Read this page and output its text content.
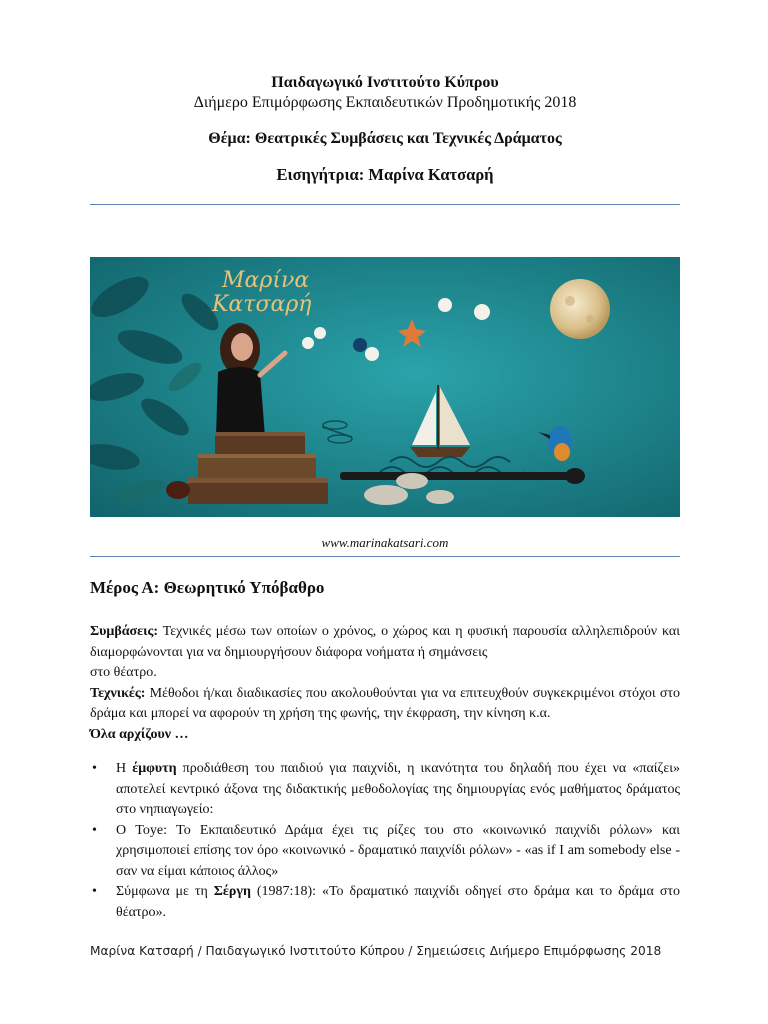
Παιδαγωγικό Ινστιτούτο Κύπρου
Διήμερο Επιμόρφωσης Εκπαιδευτικών Προδημοτικής 2018
Θέμα: Θεατρικές Συμβάσεις και Τεχνικές Δράματος
Εισηγήτρια: Μαρίνα Κατσαρή
Μαρίνα Κατσαρή
www.marinakatsari.com
Μέρος Α: Θεωρητικό Υπόβαθρο

Συμβάσεις: Τεχνικές μέσω των οποίων ο χρόνος, ο χώρος και η φυσική παρουσία αλληλεπιδρούν και διαμορφώνονται για να δημιουργήσουν διάφορα νοήματα ή σημάνσεις
στο θέατρο.

Τεχνικές: Μέθοδοι ή/και διαδικασίες που ακολουθούνται για να επιτευχθούν συγκεκριμένοι στόχοι στο δράμα και μπορεί να αφορούν τη χρήση της φωνής, την έκφραση, την κίνηση κ.α.

Όλα αρχίζουν …

• Η έμφυτη προδιάθεση του παιδιού για παιχνίδι, η ικανότητα του δηλαδή που έχει να «παίζει» αποτελεί κεντρικό άξονα της διδακτικής μεθοδολογίας της δημιουργίας ενός μαθήματος δράματος στο νηπιαγωγείο:
• Ο Toye: Το Εκπαιδευτικό Δράμα έχει τις ρίζες του στο «κοινωνικό παιχνίδι ρόλων» και χρησιμοποιεί επίσης τον όρο «κοινωνικό - δραματικό παιχνίδι ρόλων» - «as if I am somebody else - σαν να είμαι κάποιος άλλος»
• Σύμφωνα με τη Σέργη (1987:18): «Το δραματικό παιχνίδι οδηγεί στο δράμα και το δράμα στο θέατρο».
Μαρίνα Κατσαρή / Παιδαγωγικό Ινστιτούτο Κύπρου / Σημειώσεις Διήμερο Επιμόρφωσης 2018
